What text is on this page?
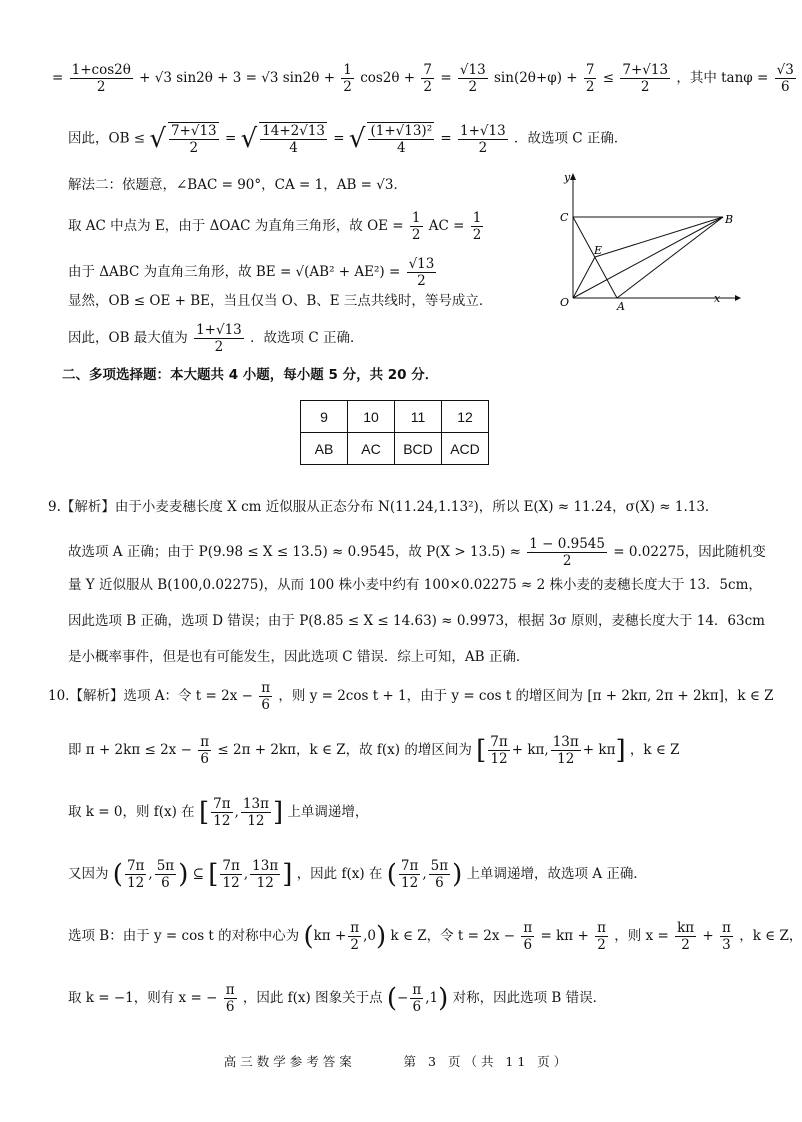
= $\frac{1+\cos 2\theta}{2} + √3$ sin2θ + 3 = √3 $\sin 2\theta + \frac{1}{2} \cos 2\theta + \frac{7}{2} = \frac{√13}{2} \sin(2\theta+\varphi) + \frac{7}{2} \le \frac{7+√13}{2}$ ，其中 $\tan\varphi = \frac{√3}{6}$
因此，OB ≤ √ $\frac{7+√13}{2}$ = √ $\frac{14+2√13}{4}$ = √ $\frac{\text{(1+√13)²}}{4} = \frac{1+√13}{2}$ ．故选项 C 正确．
解法二：依题意，∠BAC = 90°，CA = 1，AB = √3．
取 AC 中点为 E，由于 ΔOAC 为直角三角形，故 OE = $\frac{1}{2}$ AC = $\frac{1}{2}$
由于 ΔABC 为直角三角形，故 BE = $√(AB^2 + AE^2) = \frac{√13}{2}$
显然，OB ≤ OE + BE，当且仅当 O、B、E 三点共线时，等号成立．
因此，OB 最大值为 $\frac{1+√13}{2}$ ．故选项 C 正确．
y
x
O
C	B
E
A
二、多项选择题：本大题共 4 小题，每小题 5 分，共 20 分．
9	10	11	12
AB	AC	BCD	ACD
9.【解析】由于小麦麦穗长度 X cm 近似服从正态分布 N(11.24,1.13²)，所以 E(X) ≈ 11.24，σ(X) ≈ 1.13．
故选项 A 正确；由于 P(9.98 ≤ X ≤ 13.5) ≈ 0.9545，故 $P(X > 13.5) \approx \frac{1 - 0.9545}{2} = 0.02275$，因此随机变
量 Y 近似服从 B(100,0.02275)，从而 100 株小麦中约有 100×0.02275 ≈ 2 株小麦的麦穗长度大于 13．5cm，
因此选项 B 正确，选项 D 错误；由于 P(8.85 ≤ X ≤ 14.63) ≈ 0.9973，根据 3σ 原则，麦穗长度大于 14．63cm
是小概率事件，但是也有可能发生，因此选项 C 错误．综上可知，AB 正确．
10.【解析】选项 A：令 $t = 2x - \frac{\pi}{6}$ ，则 y = 2cos t + 1，由于 y = cos t 的增区间为 [π + 2kπ, 2π + 2kπ]，k ∈ Z
即 $\pi + 2k\pi \le 2x - \frac{\pi}{6} \le 2\pi + 2k\pi$，k ∈ Z，故 f(x) 的增区间为 [ $\frac{7\pi}{12} + k\pi$, $\frac{13\pi}{12} + k\pi$] ，k ∈ Z
取 k = 0，则 f(x) 在 [ $\frac{7\pi}{12}$ , $\frac{13\pi}{12}$ ] 上单调递增，
又因为 ( $\frac{7\pi}{12}$ , $\frac{5\pi}{6}$ ) ⊆ [ $\frac{7\pi}{12}$ , $\frac{13\pi}{12}$ ] ，因此 f(x) 在 ( $\frac{7\pi}{12}$ , $\frac{5\pi}{6}$ ) 上单调递增，故选项 A 正确．
选项 B：由于 y = cos t 的对称中心为 $(k\pi + \frac{\pi}{2} ,0)$ k ∈ Z，令 $t = 2x - \frac{\pi}{6} = k\pi + \frac{\pi}{2}$ ，则 $x = \frac{k\pi}{2} + \frac{\pi}{3}$ ，k ∈ Z，
取 k = −1，则有 x = − $\frac{\pi}{6}$ ，因此 f(x) 图象关于点 (− $\frac{\pi}{6} ,1$) 对称，因此选项 B 错误．
高三数学参考答案	第 3 页（共 11 页）
